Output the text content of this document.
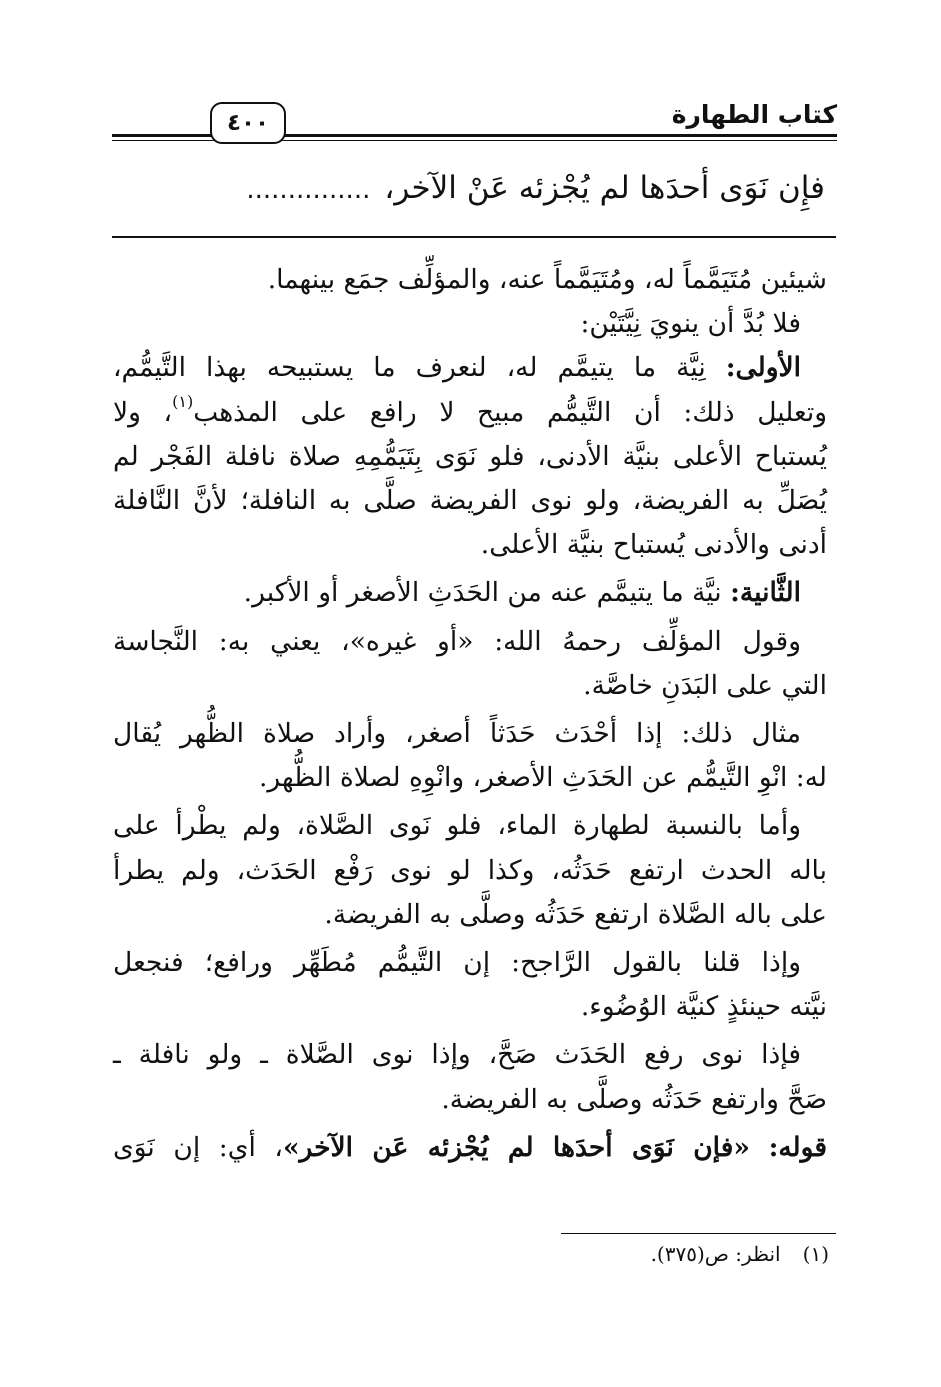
كتاب الطهارة
٤٠٠
فإِن نَوَى أحدَها لم يُجْزئه عَنْ الآخر،...............
شيئين مُتَيَمَّماً له، ومُتَيَمَّماً عنه، والمؤلِّف جمَع بينهما.
فلا بُدَّ أن ينويَ نِيَّتَيْن:
الأولى: نِيَّة ما يتيمَّم له، لنعرف ما يستبيحه بهذا التَّيمُّم،
وتعليل ذلك: أن التَّيمُّم مبيح لا رافع على المذهب$^{(١)}$، ولا
يُستباح الأعلى بنيَّة الأدنى، فلو نَوَى بِتَيَمُّمِهِ صلاة نافلة الفَجْر لم
يُصَلِّ به الفريضة، ولو نوى الفريضة صلَّى به النافلة؛ لأنَّ النَّافلة
أدنى والأدنى يُستباح بنيَّة الأعلى.
الثَّانية: نيَّة ما يتيمَّم عنه من الحَدَثِ الأصغر أو الأكبر.
وقول المؤلِّف رحمهُ الله: «أو غيره»، يعني به: النَّجاسة
التي على البَدَنِ خاصَّة.
مثال ذلك: إذا أحْدَث حَدَثاً أصغر، وأراد صلاة الظُّهر يُقال
له: انْوِ التَّيمُّم عن الحَدَثِ الأصغر، وانْوِهِ لصلاة الظُّهر.
وأما بالنسبة لطهارة الماء، فلو نَوى الصَّلاة، ولم يطْرأ على
باله الحدث ارتفع حَدَثُه، وكذا لو نوى رَفْع الحَدَث، ولم يطرأ
على باله الصَّلاة ارتفع حَدَثُه وصلَّى به الفريضة.
وإذا قلنا بالقول الرَّاجح: إن التَّيمُّم مُطَهِّر ورافع؛ فنجعل
نيَّته حينئذٍ كنيَّة الوُضُوء.
فإذا نوى رفع الحَدَث صَحَّ، وإذا نوى الصَّلاة ـ ولو نافلة ـ
صَحَّ وارتفع حَدَثُه وصلَّى به الفريضة.
قوله: «فإن نَوَى أحدَها لم يُجْزئه عَن الآخر»، أي: إن نَوَى
(١)انظر: ص(٣٧٥).
